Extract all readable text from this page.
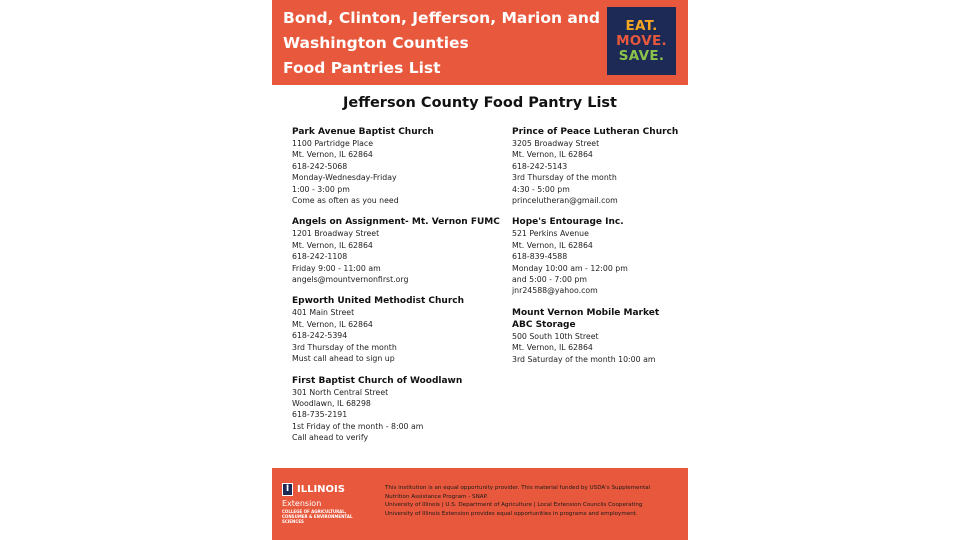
Bond, Clinton, Jefferson, Marion and
Washington Counties
Food Pantries List
EAT.
MOVE.
SAVE.
Jefferson County Food Pantry List
Park Avenue Baptist Church
1100 Partridge Place
Mt. Vernon, IL 62864
618-242-5068
Monday-Wednesday-Friday
1:00 - 3:00 pm
Come as often as you need
Angels on Assignment- Mt. Vernon FUMC
1201 Broadway Street
Mt. Vernon, IL 62864
618-242-1108
Friday 9:00 - 11:00 am
angels@mountvernonfirst.org
Epworth United Methodist Church
401 Main Street
Mt. Vernon, IL 62864
618-242-5394
3rd Thursday of the month
Must call ahead to sign up
First Baptist Church of Woodlawn
301 North Central Street
Woodlawn, IL 68298
618-735-2191
1st Friday of the month - 8:00 am
Call ahead to verify
Prince of Peace Lutheran Church
3205 Broadway Street
Mt. Vernon, IL 62864
618-242-5143
3rd Thursday of the month
4:30 - 5:00 pm
princelutheran@gmail.com
Hope's Entourage Inc.
521 Perkins Avenue
Mt. Vernon, IL 62864
618-839-4588
Monday 10:00 am - 12:00 pm
and 5:00 - 7:00 pm
jnr24588@yahoo.com
Mount Vernon Mobile Market
ABC Storage
500 South 10th Street
Mt. Vernon, IL 62864
3rd Saturday of the month 10:00 am
I ILLINOIS
Extension
COLLEGE OF AGRICULTURAL, CONSUMER & ENVIRONMENTAL SCIENCES
This institution is an equal opportunity provider. This material funded by USDA's Supplemental
Nutrition Assistance Program - SNAP.
University of Illinois | U.S. Department of Agriculture | Local Extension Councils Cooperating
University of Illinois Extension provides equal opportunities in programs and employment.
